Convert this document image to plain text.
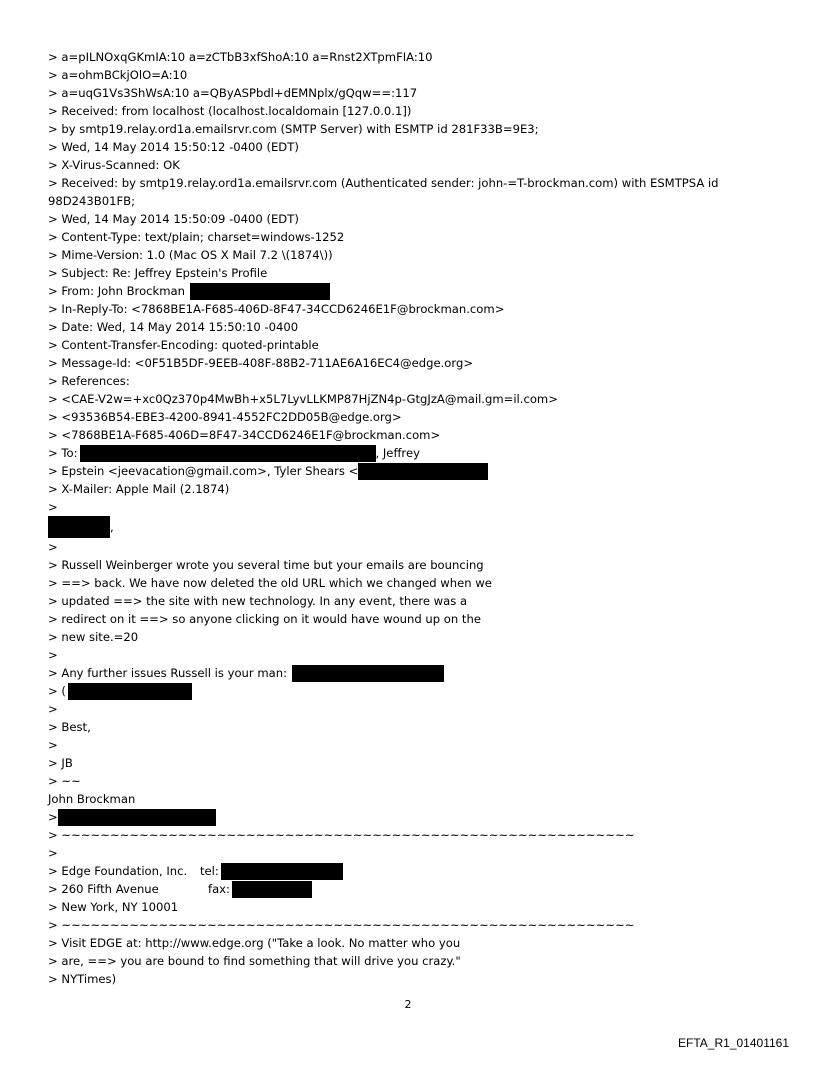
> a=pILNOxqGKmIA:10 a=zCTbB3xfShoA:10 a=Rnst2XTpmFIA:10
> a=ohmBCkjOlO=A:10
> a=uqG1Vs3ShWsA:10 a=QByASPbdl+dEMNplx/gQqw==:117
> Received: from localhost (localhost.localdomain [127.0.0.1])
> by smtp19.relay.ord1a.emailsrvr.com (SMTP Server) with ESMTP id 281F33B=9E3;
> Wed, 14 May 2014 15:50:12 -0400 (EDT)
> X-Virus-Scanned: OK
> Received: by smtp19.relay.ord1a.emailsrvr.com (Authenticated sender: john-=T-brockman.com) with ESMTPSA id
98D243B01FB;
> Wed, 14 May 2014 15:50:09 -0400 (EDT)
> Content-Type: text/plain; charset=windows-1252
> Mime-Version: 1.0 (Mac OS X Mail 7.2 \(1874\))
> Subject: Re: Jeffrey Epstein's Profile
> From: John Brockman
> In-Reply-To: <7868BE1A-F685-406D-8F47-34CCD6246E1F@brockman.com>
> Date: Wed, 14 May 2014 15:50:10 -0400
> Content-Transfer-Encoding: quoted-printable
> Message-Id: <0F51B5DF-9EEB-408F-88B2-711AE6A16EC4@edge.org>
> References:
> <CAE-V2w=+xc0Qz370p4MwBh+x5L7LyvLLKMP87HjZN4p-GtgJzA@mail.gm=il.com>
> <93536B54-EBE3-4200-8941-4552FC2DD05B@edge.org>
> <7868BE1A-F685-406D=8F47-34CCD6246E1F@brockman.com>
> To:	, Jeffrey
> Epstein <jeevacation@gmail.com>, Tyler Shears <
> X-Mailer: Apple Mail (2.1874)
>
,
>
> Russell Weinberger wrote you several time but your emails are bouncing
> ==> back. We have now deleted the old URL which we changed when we
> updated ==> the site with new technology. In any event, there was a
> redirect on it ==> so anyone clicking on it would have wound up on the
> new site.=20
>
> Any further issues Russell is your man:
> (
>
> Best,
>
> JB
> ~~
John Brockman
>
> ~~~~~~~~~~~~~~~~~~~~~~~~~~~~~~~~~~~~~~~~~~~~~~~~~~~~~~~~~~~
>
> Edge Foundation, Inc.	tel:
> 260 Fifth Avenue	fax:
> New York, NY 10001
> ~~~~~~~~~~~~~~~~~~~~~~~~~~~~~~~~~~~~~~~~~~~~~~~~~~~~~~~~~~~
> Visit EDGE at: http://www.edge.org ("Take a look. No matter who you
> are, ==> you are bound to find something that will drive you crazy."
> NYTimes)
2
EFTA_R1_01401161
